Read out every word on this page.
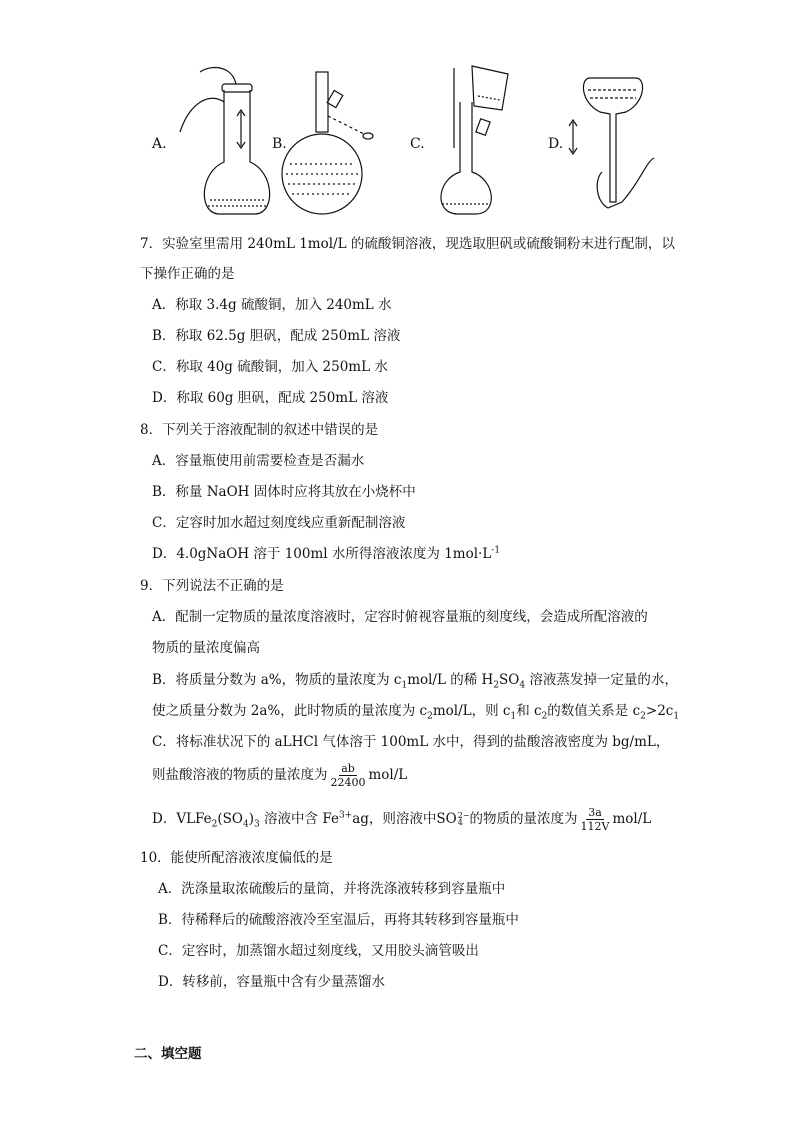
A.	B.	C.	D.
7．实验室里需用 240mL 1mol/L 的硫酸铜溶液，现选取胆矾或硫酸铜粉末进行配制，以
下操作正确的是
A．称取 3.4g 硫酸铜，加入 240mL 水
B．称取 62.5g 胆矾，配成 250mL 溶液
C．称取 40g 硫酸铜，加入 250mL 水
D．称取 60g 胆矾，配成 250mL 溶液
8．下列关于溶液配制的叙述中错误的是
A．容量瓶使用前需要检查是否漏水
B．称量 NaOH 固体时应将其放在小烧杯中
C．定容时加水超过刻度线应重新配制溶液
D．4.0gNaOH 溶于 100ml 水所得溶液浓度为 $1mol\cdot L^{-1}$
9．下列说法不正确的是
A．配制一定物质的量浓度溶液时，定容时俯视容量瓶的刻度线，会造成所配溶液的
物质的量浓度偏高
B．将质量分数为 a%，物质的量浓度为 $c_1mol/L$ 的稀 $H_2SO_4$ 溶液蒸发掉一定量的水，
使之质量分数为 2a%，此时物质的量浓度为 $c_2mol/L$，则 $c_1$和 $c_2$的数值关系是 $c_2>2c_1$
C．将标准状况下的 aLHCl 气体溶于 100mL 水中，得到的盐酸溶液密度为 bg/mL，
则盐酸溶液的物质的量浓度为 $\frac{ab}{22400} mol/L$
D．$VLFe_2(SO_4)_3$ 溶液中含 $Fe^{3+}ag$，则溶液中 SO 2−
4 的物质的量浓度为 $\frac{3a}{112V} mol/L$
10．能使所配溶液浓度偏低的是
A．洗涤量取浓硫酸后的量筒，并将洗涤液转移到容量瓶中
B．待稀释后的硫酸溶液冷至室温后，再将其转移到容量瓶中
C．定容时，加蒸馏水超过刻度线，又用胶头滴管吸出
D．转移前，容量瓶中含有少量蒸馏水
二、填空题
